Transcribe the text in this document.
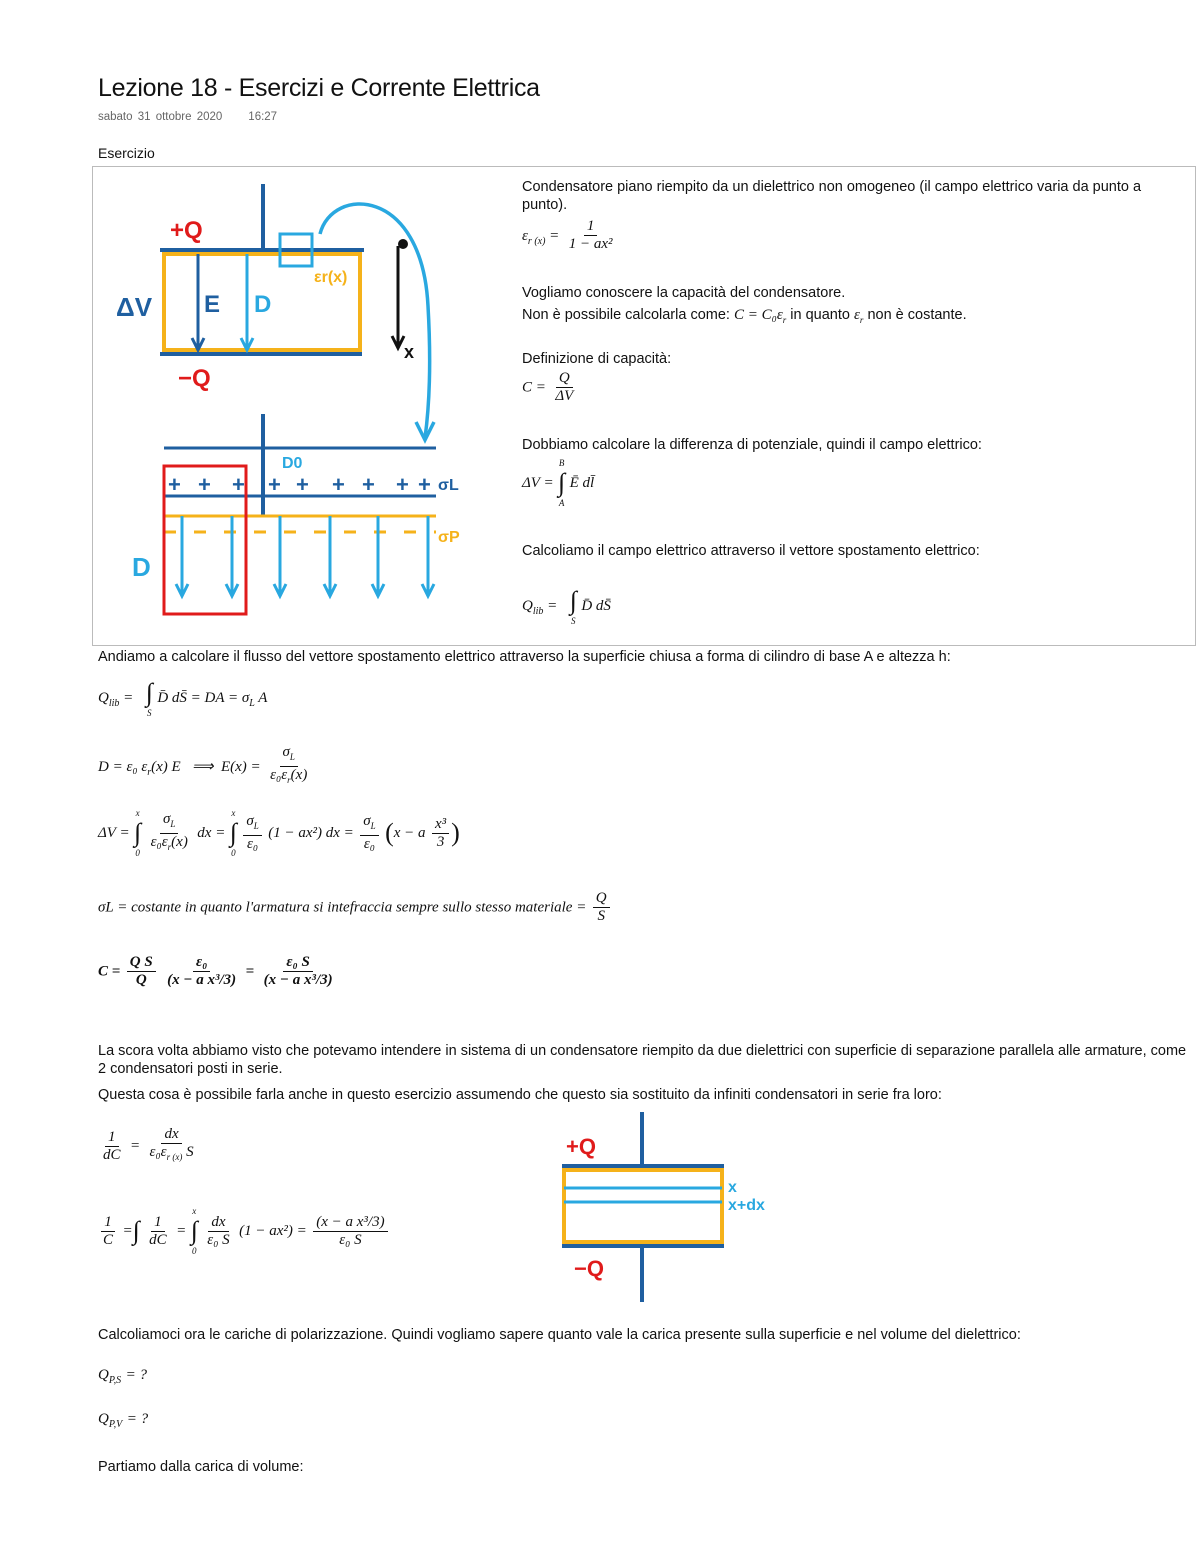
Lezione 18 - Esercizi e Corrente Elettrica
sabato 31 ottobre 2020 16:27
Esercizio
+ + + + + + + + +
+Q
−Q
ΔV E D
εr(x)
x
D0
σL
σP
D
Condensatore piano riempito da un dielettrico non omogeneo (il campo elettrico varia da punto a punto).
$\varepsilon_{r (x)} = \frac{1}{\text{1 − ax²}}$
Vogliamo conoscere la capacità del condensatore.
Non è possibile calcolarla come: $C = C_0\varepsilon_r$ in quanto $\varepsilon_r$ non è costante.
Definizione di capacità:
$C = \frac{Q}{\Delta V}$
Dobbiamo calcolare la differenza di potenziale, quindi il campo elettrico:
ΔV =
B
∫
A
Ē dl̄
Calcoliamo il campo elettrico attraverso il vettore spostamento elettrico:
$Q_{lib}$ = ∫
S
D̄ dS̄
Andiamo a calcolare il flusso del vettore spostamento elettrico attraverso la superficie chiusa a forma di cilindro di base A e altezza h:
$Q_{lib}$ = ∫
S
D̄ dS̄ = DA = $\sigma_L$ A
D = ε₀ $\varepsilon_r(x)$ E   ⟹  $E(x) = \frac{\sigma_L}{\varepsilon_0\varepsilon_r(x)}$
ΔV =
x
∫
0
$\frac{\sigma_L}{\varepsilon_0\varepsilon_r(x)}$ dx =
x
∫
0
$\frac{\sigma_L}{\text{ε₀}} (1 - ax^2)$ dx = $\frac{\sigma_L}{\text{ε₀}} (x - a \frac{\text{x³}}{3}$ )
σL = costante in quanto l'armatura si intefraccia sempre sullo stesso materiale = $\frac{Q}{S}$
$C = \frac{\text{Q S}}{Q}$
$\frac{\text{ε₀}}{\text{(x − a x³/3)}} = \frac{\text{ε₀ S}}{\text{(x − a x³/3)}}$
La scora volta abbiamo visto che potevamo intendere in sistema di un condensatore riempito da due dielettrici con superficie di separazione parallela alle armature, come 2 condensatori posti in serie.
Questa cosa è possibile farla anche in questo esercizio assumendo che questo sia sostituito da infiniti condensatori in serie fra loro:
$\frac{1}{dC} = \frac{dx}{\varepsilon_0\varepsilon_{r (x)} S}$
$\frac{1}{C}$ =∫ $\frac{1}{dC}$ =
x
∫
0

$\frac{dx}{\text{ε₀ S}} (1 - ax^2) = \frac{\text{(x − a x³/3)}}{\text{ε₀ S}}$
+Q
−Q
x
x+dx
Calcoliamoci ora le cariche di polarizzazione. Quindi vogliamo sapere quanto vale la carica presente sulla superficie e nel volume del dielettrico:
$Q_{P,S}$ = ?
$Q_{P,V}$ = ?
Partiamo dalla carica di volume:
